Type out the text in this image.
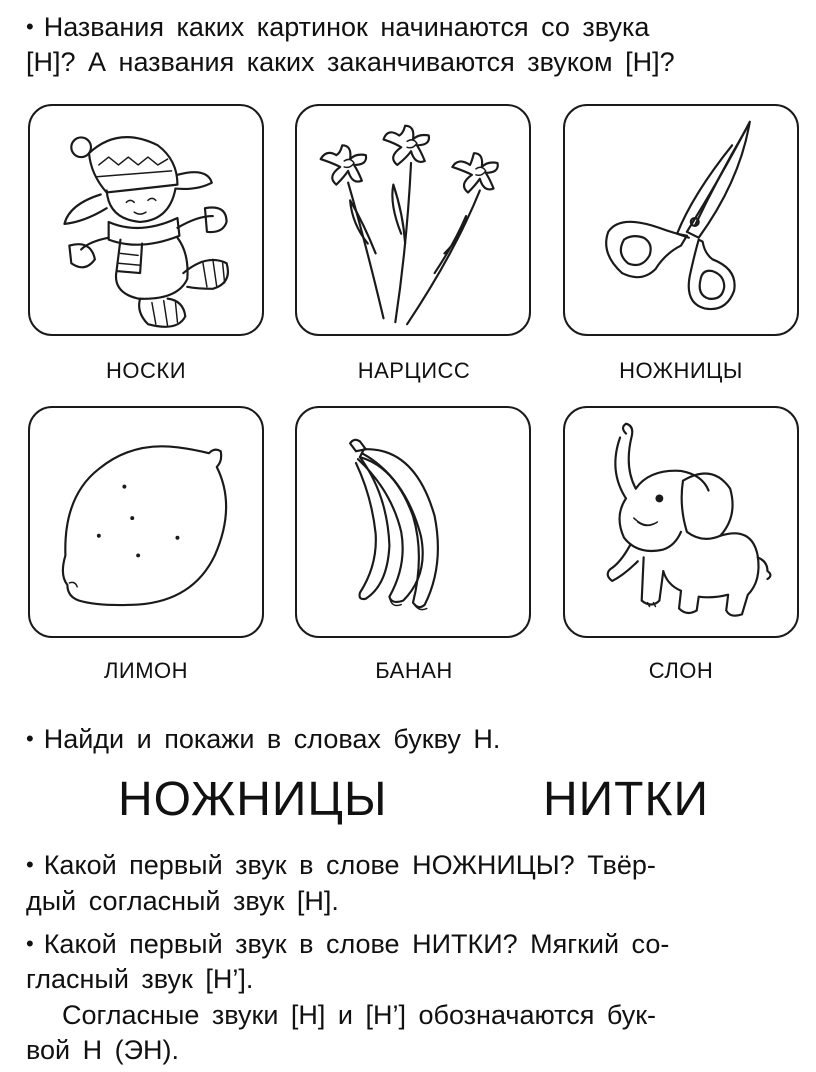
• Названия каких картинок начинаются со звука

[Н]? А названия каких заканчиваются звуком [Н]?

НОСКИ	НАРЦИСС	НОЖНИЦЫ
ЛИМОН	БАНАН	СЛОН

• Найди и покажи в словах букву Н.

НОЖНИЦЫ	НИТКИ

• Какой первый звук в слове НОЖНИЦЫ? Твёр-

дый согласный звук [Н].

• Какой первый звук в слове НИТКИ? Мягкий со-

гласный звук [Н’].

Согласные звуки [Н] и [Н’] обозначаются бук-

вой Н (ЭН).
